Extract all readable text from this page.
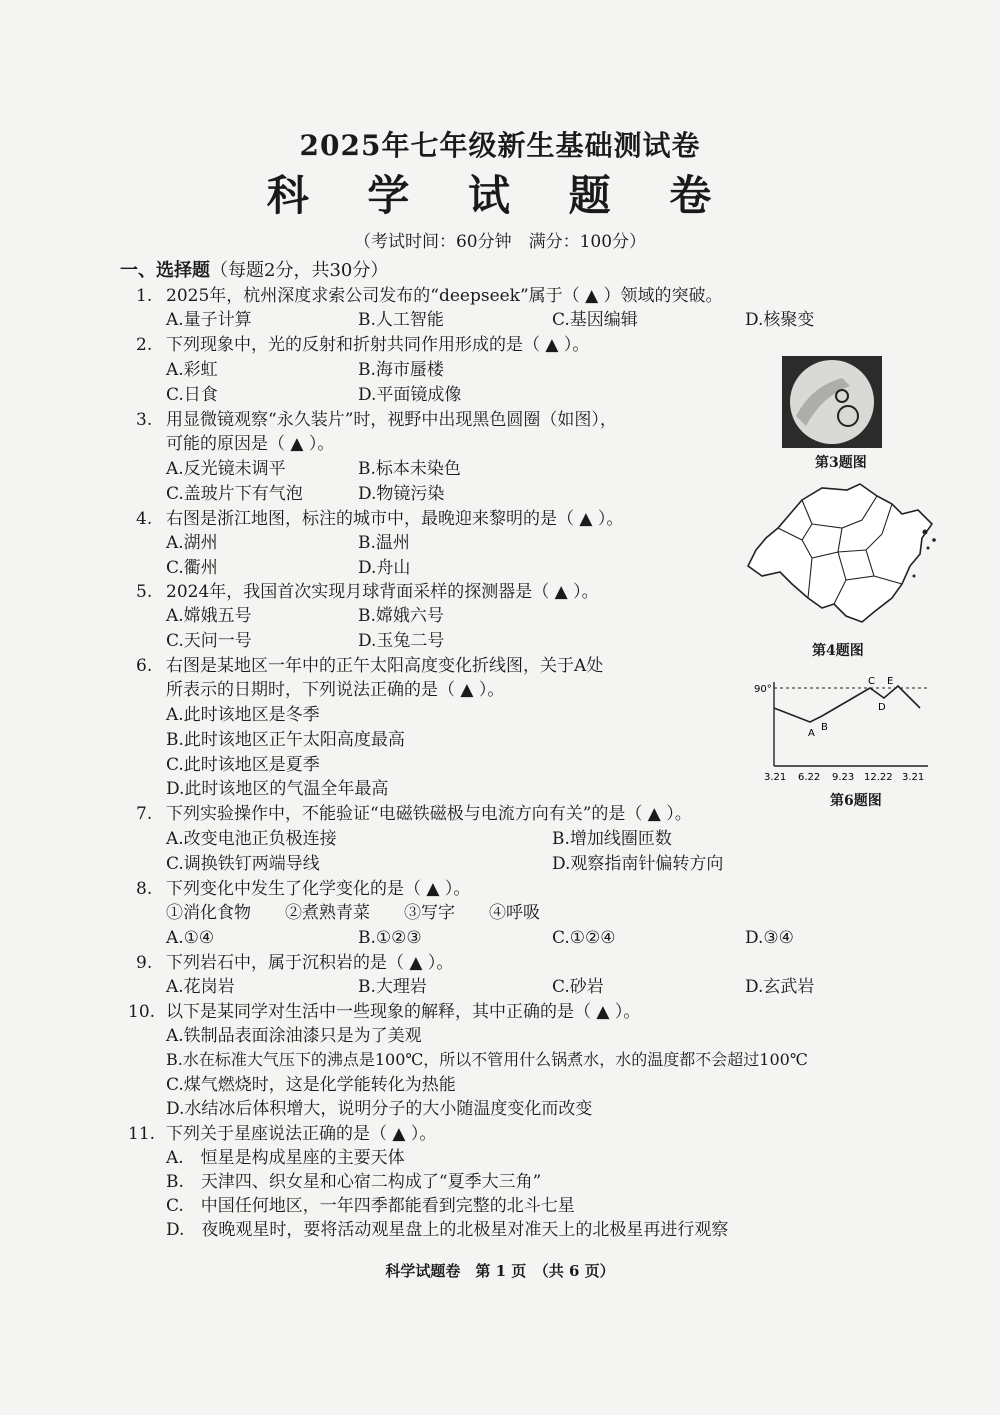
2025年七年级新生基础测试卷
科 学 试 题 卷
（考试时间：60分钟　满分：100分）
一、选择题（每题2分，共30分）
1. 2025年，杭州深度求索公司发布的“deepseek”属于（ ▲ ）领域的突破。
A.量子计算	B.人工智能	C.基因编辑	D.核聚变
2. 下列现象中，光的反射和折射共同作用形成的是（ ▲ ）。
A.彩虹	B.海市蜃楼
C.日食	D.平面镜成像
3. 用显微镜观察“永久装片”时，视野中出现黑色圆圈（如图），
可能的原因是（ ▲ ）。
A.反光镜未调平	B.标本未染色
C.盖玻片下有气泡	D.物镜污染
4. 右图是浙江地图，标注的城市中，最晚迎来黎明的是（ ▲ ）。
A.湖州	B.温州
C.衢州	D.舟山
5. 2024年，我国首次实现月球背面采样的探测器是（ ▲ ）。
A.嫦娥五号	B.嫦娥六号
C.天问一号	D.玉兔二号
6. 右图是某地区一年中的正午太阳高度变化折线图，关于A处
所表示的日期时，下列说法正确的是（ ▲ ）。
A.此时该地区是冬季
B.此时该地区正午太阳高度最高
C.此时该地区是夏季
D.此时该地区的气温全年最高
7. 下列实验操作中，不能验证“电磁铁磁极与电流方向有关”的是（ ▲ ）。
A.改变电池正负极连接	B.增加线圈匝数
C.调换铁钉两端导线	D.观察指南针偏转方向
8. 下列变化中发生了化学变化的是（ ▲ ）。
①消化食物　　②煮熟青菜　　③写字　　④呼吸
A.①④	B.①②③	C.①②④	D.③④
9. 下列岩石中，属于沉积岩的是（ ▲ ）。
A.花岗岩	B.大理岩	C.砂岩	D.玄武岩
10. 以下是某同学对生活中一些现象的解释，其中正确的是（ ▲ ）。
A.铁制品表面涂油漆只是为了美观
B.水在标准大气压下的沸点是100℃，所以不管用什么锅煮水，水的温度都不会超过100℃
C.煤气燃烧时，这是化学能转化为热能
D.水结冰后体积增大，说明分子的大小随温度变化而改变
11. 下列关于星座说法正确的是（ ▲ ）。
A.　恒星是构成星座的主要天体
B.　天津四、织女星和心宿二构成了“夏季大三角”
C.　中国任何地区，一年四季都能看到完整的北斗七星
D.　夜晚观星时，要将活动观星盘上的北极星对准天上的北极星再进行观察
第3题图
第4题图
90°
A
B
C
D
E
3.21 6.22 9.23 12.22 3.21
第6题图
科学试题卷　第 1 页　（共 6 页）
